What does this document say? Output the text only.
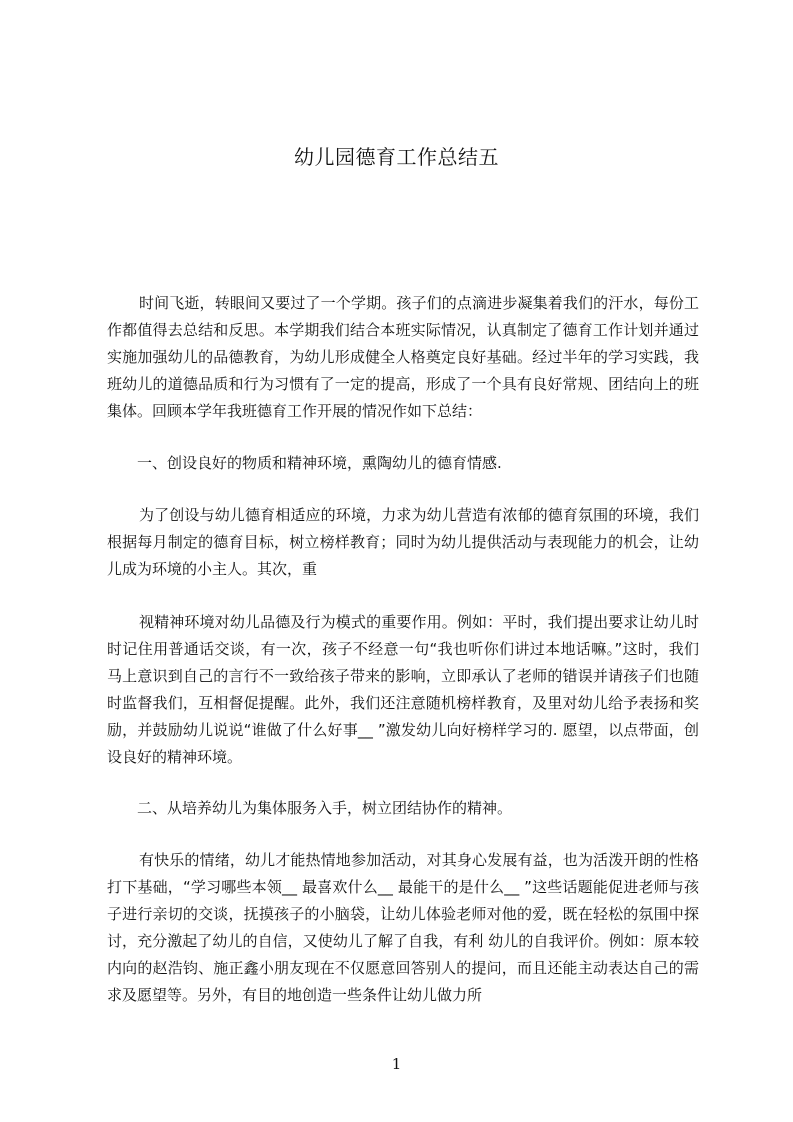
幼儿园德育工作总结五

时间飞逝，转眼间又要过了一个学期。孩子们的点滴进步凝集着我们的汗水，每份工作都值得去总结和反思。本学期我们结合本班实际情况，认真制定了德育工作计划并通过实施加强幼儿的品德教育，为幼儿形成健全人格奠定良好基础。经过半年的学习实践，我班幼儿的道德品质和行为习惯有了一定的提高，形成了一个具有良好常规、团结向上的班集体。回顾本学年我班德育工作开展的情况作如下总结：

一、创设良好的物质和精神环境，熏陶幼儿的德育情感.

为了创设与幼儿德育相适应的环境，力求为幼儿营造有浓郁的德育氛围的环境，我们根据每月制定的德育目标，树立榜样教育；同时为幼儿提供活动与表现能力的机会，让幼儿成为环境的小主人。其次，重

视精神环境对幼儿品德及行为模式的重要作用。例如：平时，我们提出要求让幼儿时时记住用普通话交谈，有一次，孩子不经意一句“我也听你们讲过本地话嘛。”这时，我们马上意识到自己的言行不一致给孩子带来的影响，立即承认了老师的错误并请孩子们也随时监督我们，互相督促提醒。此外，我们还注意随机榜样教育，及里对幼儿给予表扬和奖励，并鼓励幼儿说说“谁做了什么好事__ ”激发幼儿向好榜样学习的. 愿望，以点带面，创设良好的精神环境。

二、从培养幼儿为集体服务入手，树立团结协作的精神。

有快乐的情绪，幼儿才能热情地参加活动，对其身心发展有益，也为活泼开朗的性格打下基础，“学习哪些本领__ 最喜欢什么__ 最能干的是什么__ ”这些话题能促进老师与孩子进行亲切的交谈，抚摸孩子的小脑袋，让幼儿体验老师对他的爱，既在轻松的氛围中探讨，充分激起了幼儿的自信，又使幼儿了解了自我，有利 幼儿的自我评价。例如：原本较内向的赵浩钧、施正鑫小朋友现在不仅愿意回答别人的提问，而且还能主动表达自己的需求及愿望等。另外，有目的地创造一些条件让幼儿做力所

1
